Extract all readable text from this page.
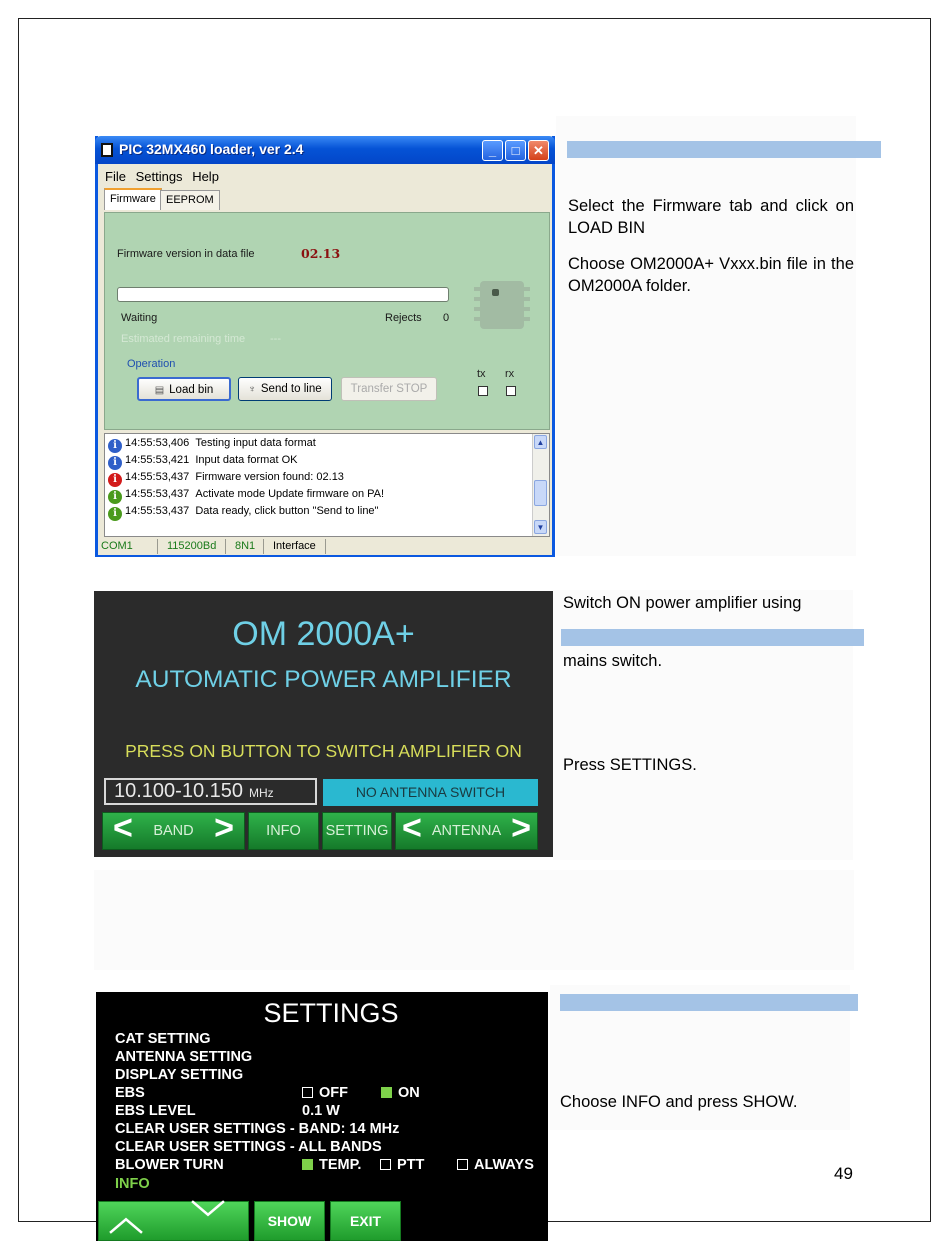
PIC 32MX460 loader, ver 2.4	_	□	✕
File Settings Help
Firmware EEPROM
Firmware version in data file	02.13
Waiting	Rejects 0
Estimated remaining time ---
Operation
▤ Load bin	♆ Send to line	Transfer STOP
tx rx
i 14:55:53,406 Testing input data format
i 14:55:53,421 Input data format OK
i 14:55:53,437 Firmware version found: 02.13
i 14:55:53,437 Activate mode Update firmware on PA!
i 14:55:53,437 Data ready, click button "Send to line"
▲
▼
COM1	115200Bd	8N1	Interface
Select the Firmware tab and click on LOAD BIN
Choose OM2000A+ Vxxx.bin file in the OM2000A folder.
OM 2000A+
AUTOMATIC POWER AMPLIFIER
PRESS ON BUTTON TO SWITCH AMPLIFIER ON
10.100-10.150 MHz	NO ANTENNA SWITCH
< BAND >	INFO	SETTING < ANTENNA >
Switch ON power amplifier using
mains switch.
Press SETTINGS.
SETTINGS
CAT SETTING
ANTENNA SETTING
DISPLAY SETTING
EBS	OFF	ON
EBS LEVEL	0.1 W
CLEAR USER SETTINGS - BAND: 14 MHz
CLEAR USER SETTINGS - ALL BANDS
BLOWER TURN	TEMP.	PTT	ALWAYS
INFO
︿ ﹀	SHOW	EXIT
Choose INFO and press SHOW.
49
